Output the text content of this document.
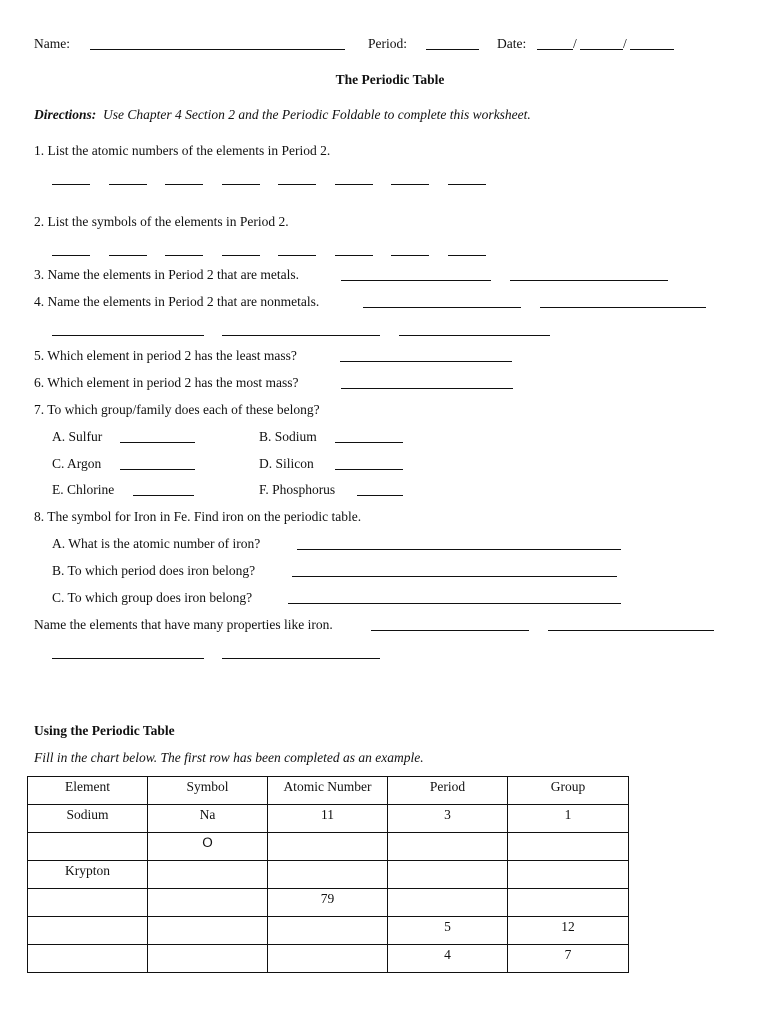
Name:	Period:	Date:	/	/
The Periodic Table
Directions: Use Chapter 4 Section 2 and the Periodic Foldable to complete this worksheet.
1. List the atomic numbers of the elements in Period 2.
2. List the symbols of the elements in Period 2.
3. Name the elements in Period 2 that are metals.
4. Name the elements in Period 2 that are nonmetals.
5. Which element in period 2 has the least mass?
6. Which element in period 2 has the most mass?
7. To which group/family does each of these belong?
A. Sulfur	B. Sodium
C. Argon	D. Silicon
E. Chlorine	F. Phosphorus
8. The symbol for Iron in Fe. Find iron on the periodic table.
A. What is the atomic number of iron?
B. To which period does iron belong?
C. To which group does iron belong?
Name the elements that have many properties like iron.
Using the Periodic Table
Fill in the chart below. The first row has been completed as an example.
Element	Symbol	Atomic Number	Period	Group
Sodium	Na	11	3	1
	O			
Krypton				
		79		
			5	12
			4	7
